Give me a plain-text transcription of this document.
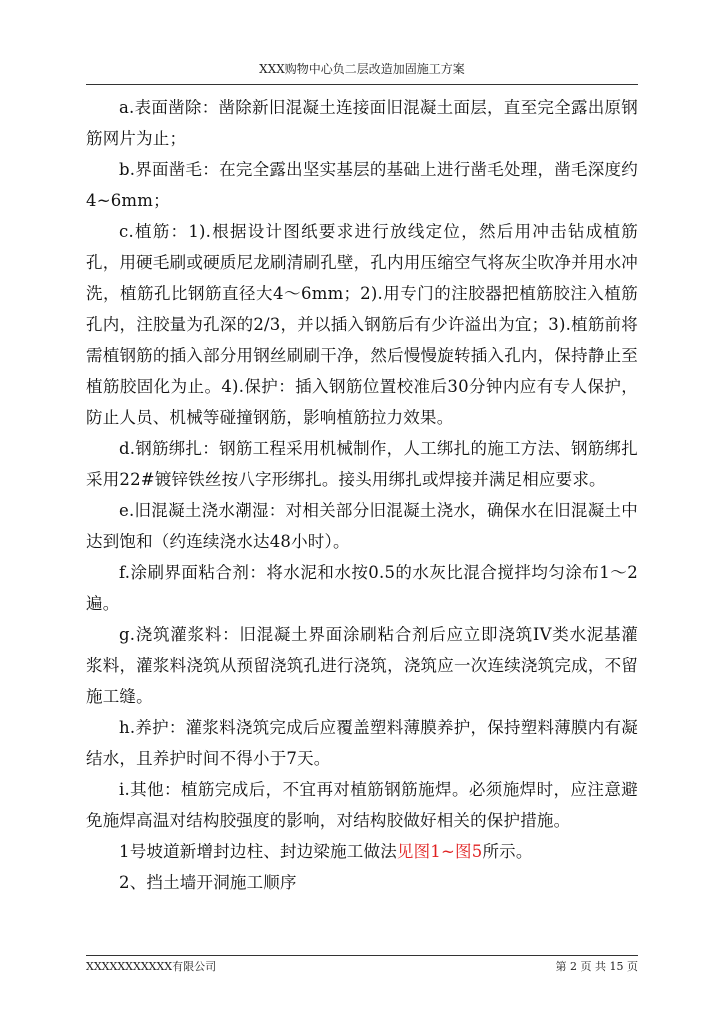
XXX购物中心负二层改造加固施工方案

a.表面凿除：凿除新旧混凝土连接面旧混凝土面层，直至完全露出原钢筋网片为止；

b.界面凿毛：在完全露出坚实基层的基础上进行凿毛处理，凿毛深度约4~6mm；

c.植筋：1).根据设计图纸要求进行放线定位，然后用冲击钻成植筋孔，用硬毛刷或硬质尼龙刷清刷孔壁，孔内用压缩空气将灰尘吹净并用水冲洗，植筋孔比钢筋直径大4～6mm；2).用专门的注胶器把植筋胶注入植筋孔内，注胶量为孔深的2/3，并以插入钢筋后有少许溢出为宜；3).植筋前将需植钢筋的插入部分用钢丝刷刷干净，然后慢慢旋转插入孔内，保持静止至植筋胶固化为止。4).保护：插入钢筋位置校准后30分钟内应有专人保护，防止人员、机械等碰撞钢筋，影响植筋拉力效果。

d.钢筋绑扎：钢筋工程采用机械制作，人工绑扎的施工方法、钢筋绑扎采用22#镀锌铁丝按八字形绑扎。接头用绑扎或焊接并满足相应要求。

e.旧混凝土浇水潮湿：对相关部分旧混凝土浇水，确保水在旧混凝土中达到饱和（约连续浇水达48小时）。

f.涂刷界面粘合剂：将水泥和水按0.5的水灰比混合搅拌均匀涂布1～2遍。

g.浇筑灌浆料：旧混凝土界面涂刷粘合剂后应立即浇筑IV类水泥基灌浆料，灌浆料浇筑从预留浇筑孔进行浇筑，浇筑应一次连续浇筑完成，不留施工缝。

h.养护：灌浆料浇筑完成后应覆盖塑料薄膜养护，保持塑料薄膜内有凝结水，且养护时间不得小于7天。

i.其他：植筋完成后，不宜再对植筋钢筋施焊。必须施焊时，应注意避免施焊高温对结构胶强度的影响，对结构胶做好相关的保护措施。

1号坡道新增封边柱、封边梁施工做法见图1~图5所示。

2、挡土墙开洞施工顺序

XXXXXXXXXXX有限公司	第 2 页 共 15 页
